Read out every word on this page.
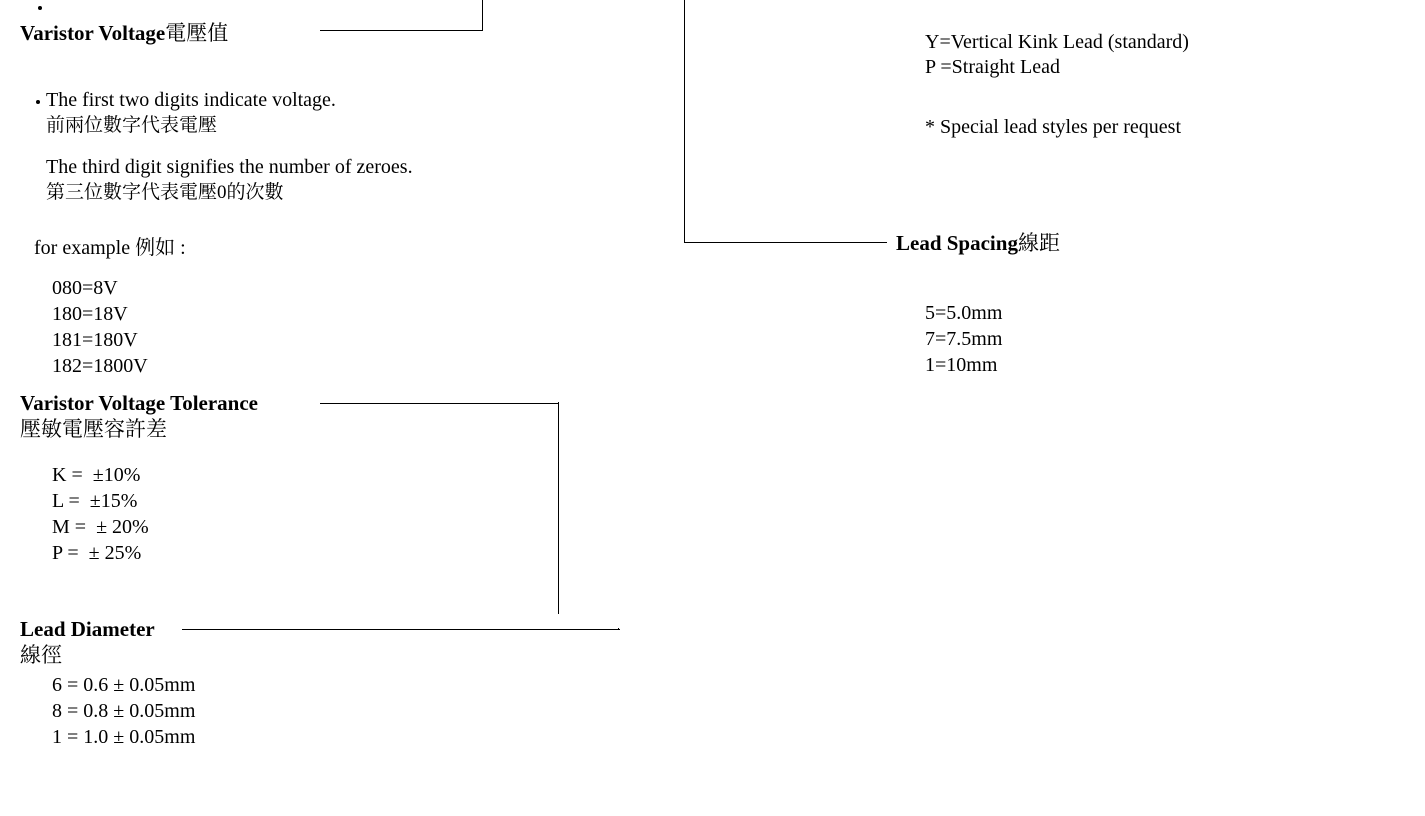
Varistor Voltage電壓值
The first two digits indicate voltage.
前兩位數字代表電壓
The third digit signifies the number of zeroes.
第三位數字代表電壓0的次數
for example 例如 :
080=8V
180=18V
181=180V
182=1800V
Varistor Voltage Tolerance
壓敏電壓容許差
K =  ±10%
L =  ±15%
M =  ± 20%
P =  ± 25%
Lead Diameter
線徑
6 = 0.6 ± 0.05mm
8 = 0.8 ± 0.05mm
1 = 1.0 ± 0.05mm
Y=Vertical Kink Lead (standard)
P =Straight Lead
* Special lead styles per request
Lead Spacing線距
5=5.0mm
7=7.5mm
1=10mm
